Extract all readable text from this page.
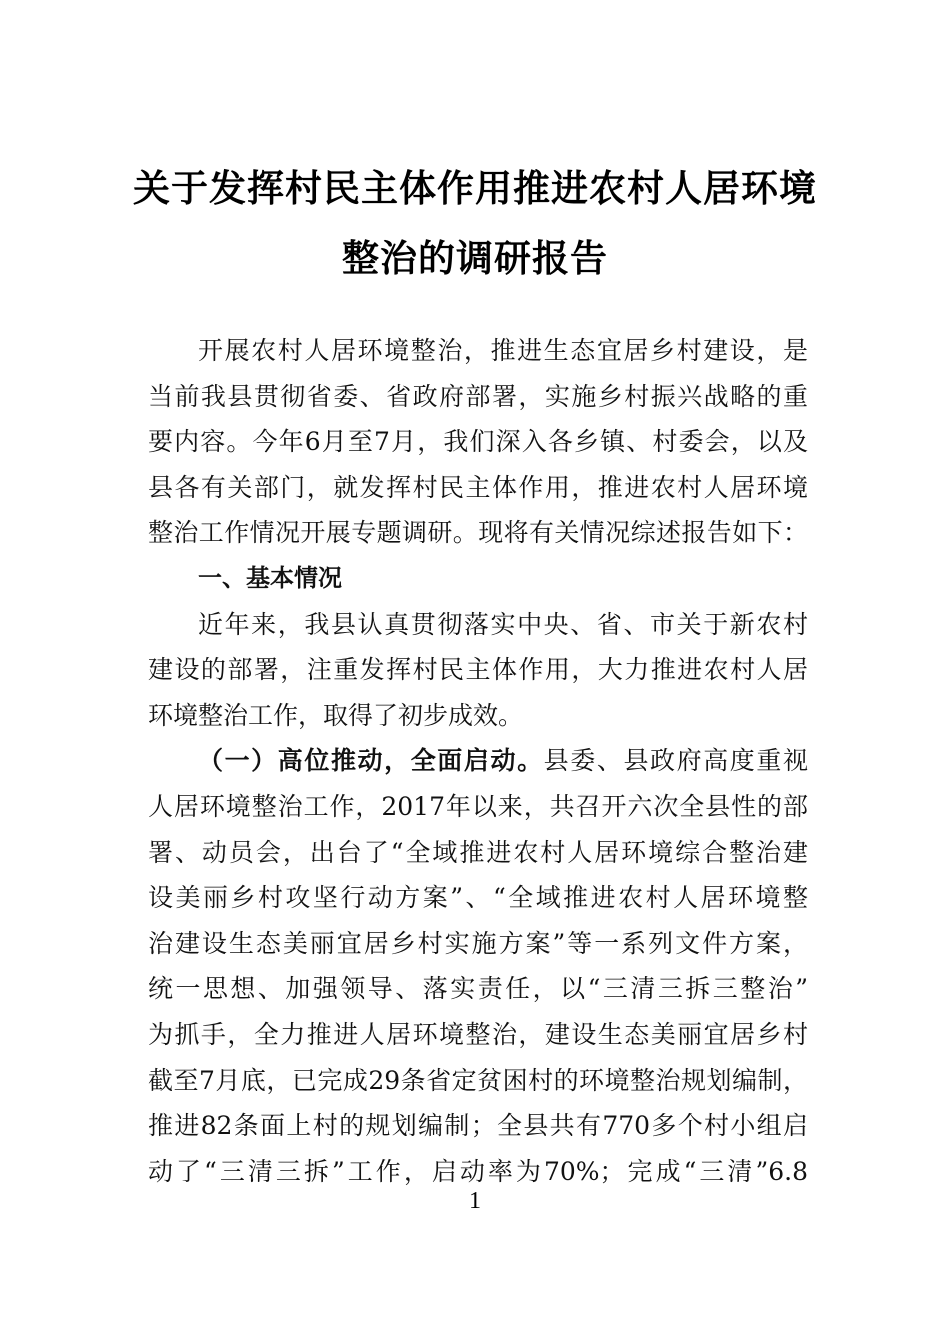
关于发挥村民主体作用推进农村人居环境
整治的调研报告
开展农村人居环境整治，推进生态宜居乡村建设，是
当前我县贯彻省委、省政府部署，实施乡村振兴战略的重
要内容。今年6月至7月，我们深入各乡镇、村委会，以及
县各有关部门，就发挥村民主体作用，推进农村人居环境
整治工作情况开展专题调研。现将有关情况综述报告如下：
一、基本情况
近年来，我县认真贯彻落实中央、省、市关于新农村
建设的部署，注重发挥村民主体作用，大力推进农村人居
环境整治工作，取得了初步成效。
（一）高位推动，全面启动。县委、县政府高度重视
人居环境整治工作，2017年以来，共召开六次全县性的部
署、动员会，出台了“全域推进农村人居环境综合整治建
设美丽乡村攻坚行动方案”、“全域推进农村人居环境整
治建设生态美丽宜居乡村实施方案”等一系列文件方案，
统一思想、加强领导、落实责任，以“三清三拆三整治”
为抓手，全力推进人居环境整治，建设生态美丽宜居乡村
截至7月底，已完成29条省定贫困村的环境整治规划编制，
推进82条面上村的规划编制；全县共有770多个村小组启
动了“三清三拆”工作，启动率为70%；完成“三清”6.8
1
